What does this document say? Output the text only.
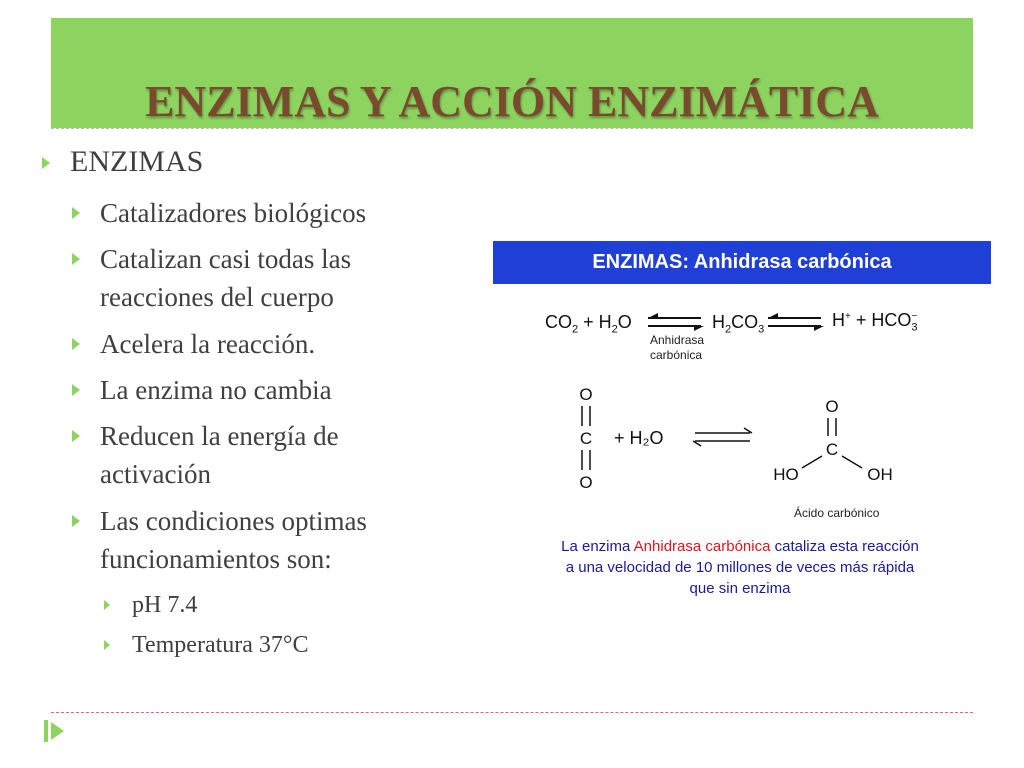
ENZIMAS Y ACCIÓN ENZIMÁTICA
ENZIMAS
Catalizadores biológicos
Catalizan casi todas las
reacciones del cuerpo
Acelera la reacción.
La enzima no cambia
Reducen la energía de
activación
Las condiciones optimas
funcionamientos son:
pH 7.4
Temperatura 37°C
ENZIMAS: Anhidrasa carbónica
$CO_2 + H_2O$ ⇌
Anhidrasa
carbónica
$H_2CO_3$ ⇌ $H^+ + HCO_3^-$
O
C
O
+ H₂O
O
C
HO	OH
Ácido carbónico
La enzima Anhidrasa carbónica cataliza esta reacción a una velocidad de 10 millones de veces más rápida que sin enzima
